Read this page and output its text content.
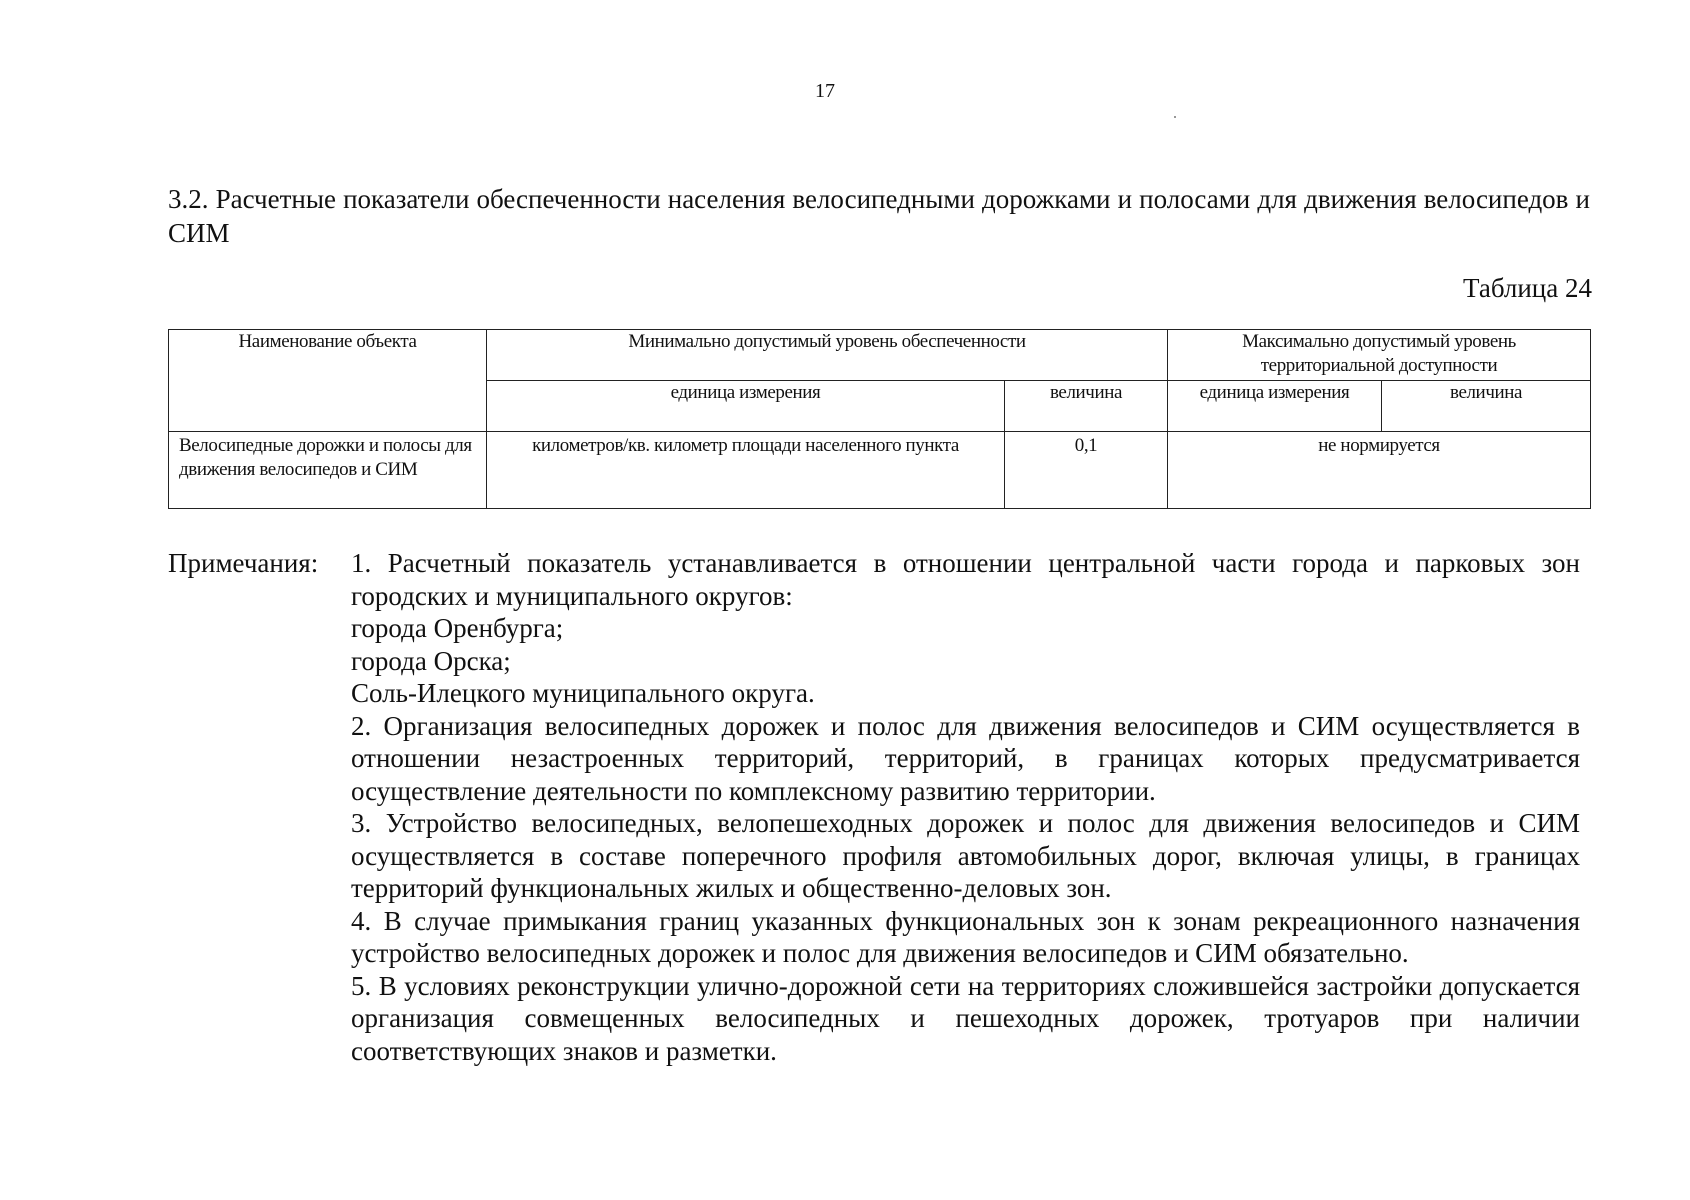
17
3.2. Расчетные показатели обеспеченности населения велосипедными дорожками и полосами для движения велосипедов и СИМ
Таблица 24
Наименование объекта	Минимально допустимый уровень обеспеченности		Максимально допустимый уровень территориальной доступности	
	единица измерения	величина	единица измерения	величина
Велосипедные дорожки и полосы для движения велосипедов и СИМ	километров/кв. километр площади населенного пункта	0,1	не нормируется	
Примечания: 1. Расчетный показатель устанавливается в отношении центральной части города и парковых зон городских и муниципального округов:
города Оренбурга;
города Орска;
Соль-Илецкого муниципального округа.
2. Организация велосипедных дорожек и полос для движения велосипедов и СИМ осуществляется в отношении незастроенных территорий, территорий, в границах которых предусматривается осуществление деятельности по комплексному развитию территории.
3. Устройство велосипедных, велопешеходных дорожек и полос для движения велосипедов и СИМ осуществляется в составе поперечного профиля автомобильных дорог, включая улицы, в границах территорий функциональных жилых и общественно-деловых зон.
4. В случае примыкания границ указанных функциональных зон к зонам рекреационного назначения устройство велосипедных дорожек и полос для движения велосипедов и СИМ обязательно.
5. В условиях реконструкции улично-дорожной сети на территориях сложившейся застройки допускается организация совмещенных велосипедных и пешеходных дорожек, тротуаров при наличии соответствующих знаков и разметки.
